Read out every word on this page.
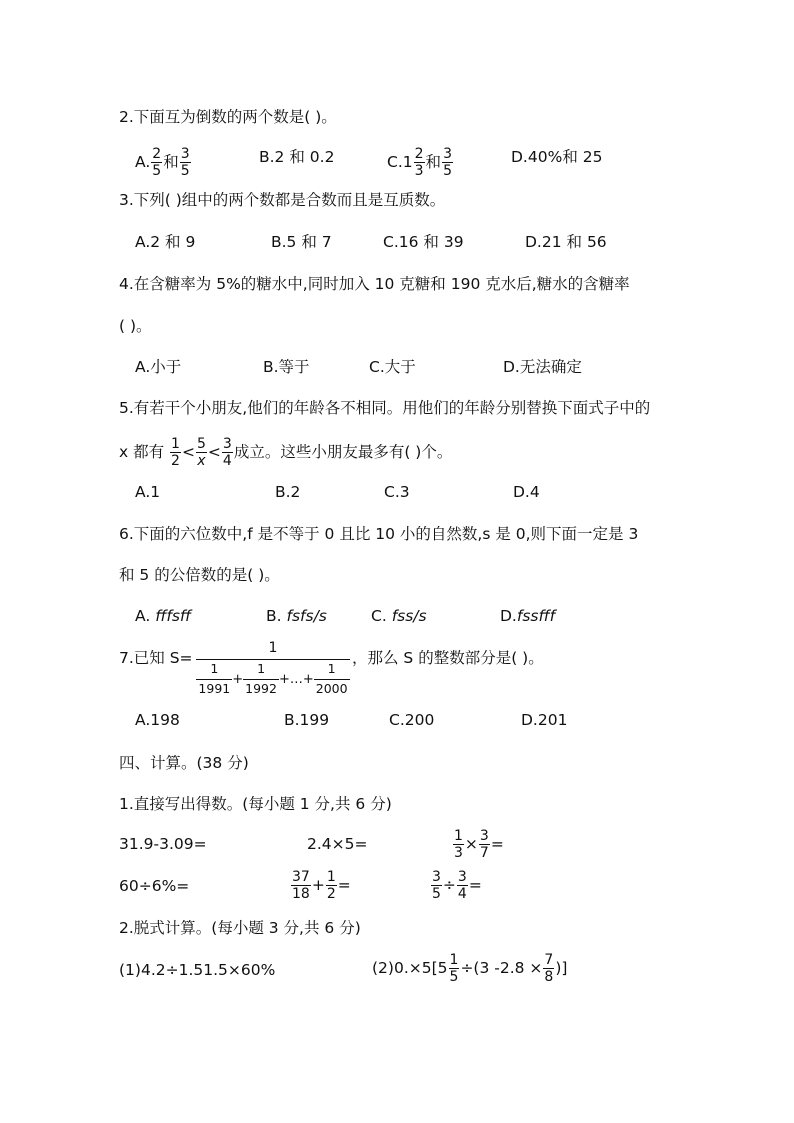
2.下面互为倒数的两个数是( )。
A. $\frac{2}{5}$ 和 $\frac{3}{5}$	B.2 和 0.2	$C.1 \frac{2}{3}$ 和 $\frac{3}{5}$	D.40%和 25
3.下列( )组中的两个数都是合数而且是互质数。
A.2 和 9	B.5 和 7	C.16 和 39	D.21 和 56
4.在含糖率为 5%的糖水中,同时加入 10 克糖和 190 克水后,糖水的含糖率
( )。
A.小于	B.等于	C.大于	D.无法确定
5.有若干个小朋友,他们的年龄各不相同。用他们的年龄分别替换下面式子中的
x 都有 $\frac{1}{2} < \frac{5}{x} < \frac{3}{4}$ 成立。这些小朋友最多有( )个。
A.1	B.2	C.3	D.4
6.下面的六位数中,f 是不等于 0 且比 10 小的自然数,s 是 0,则下面一定是 3
和 5 的公倍数的是( )。
A. fffsff	B. fsfs/s	C. fss/s	D.fssfff
7.已知 $S= \frac{1}{\frac{1}{1991} + \frac{1}{1992} +\dots+ \frac{1}{2000}}$ ，那么 S 的整数部分是( )。
A.198	B.199	C.200	D.201
四、计算。(38 分)
1.直接写出得数。(每小题 1 分,共 6 分)
31.9-3.09=	2.4×5=	$\frac{1}{3} \times \frac{3}{7}$ =
60÷6%=	$\frac{37}{18} + \frac{1}{2}$ =	$\frac{3}{5} \div \frac{3}{4}$ =
2.脱式计算。(每小题 3 分,共 6 分)
(1)4.2÷1.51.5×60%	$(2)0.\times 5[5 \frac{1}{5} \div(3$ $-2.8 \times \frac{7}{8}$ )]
